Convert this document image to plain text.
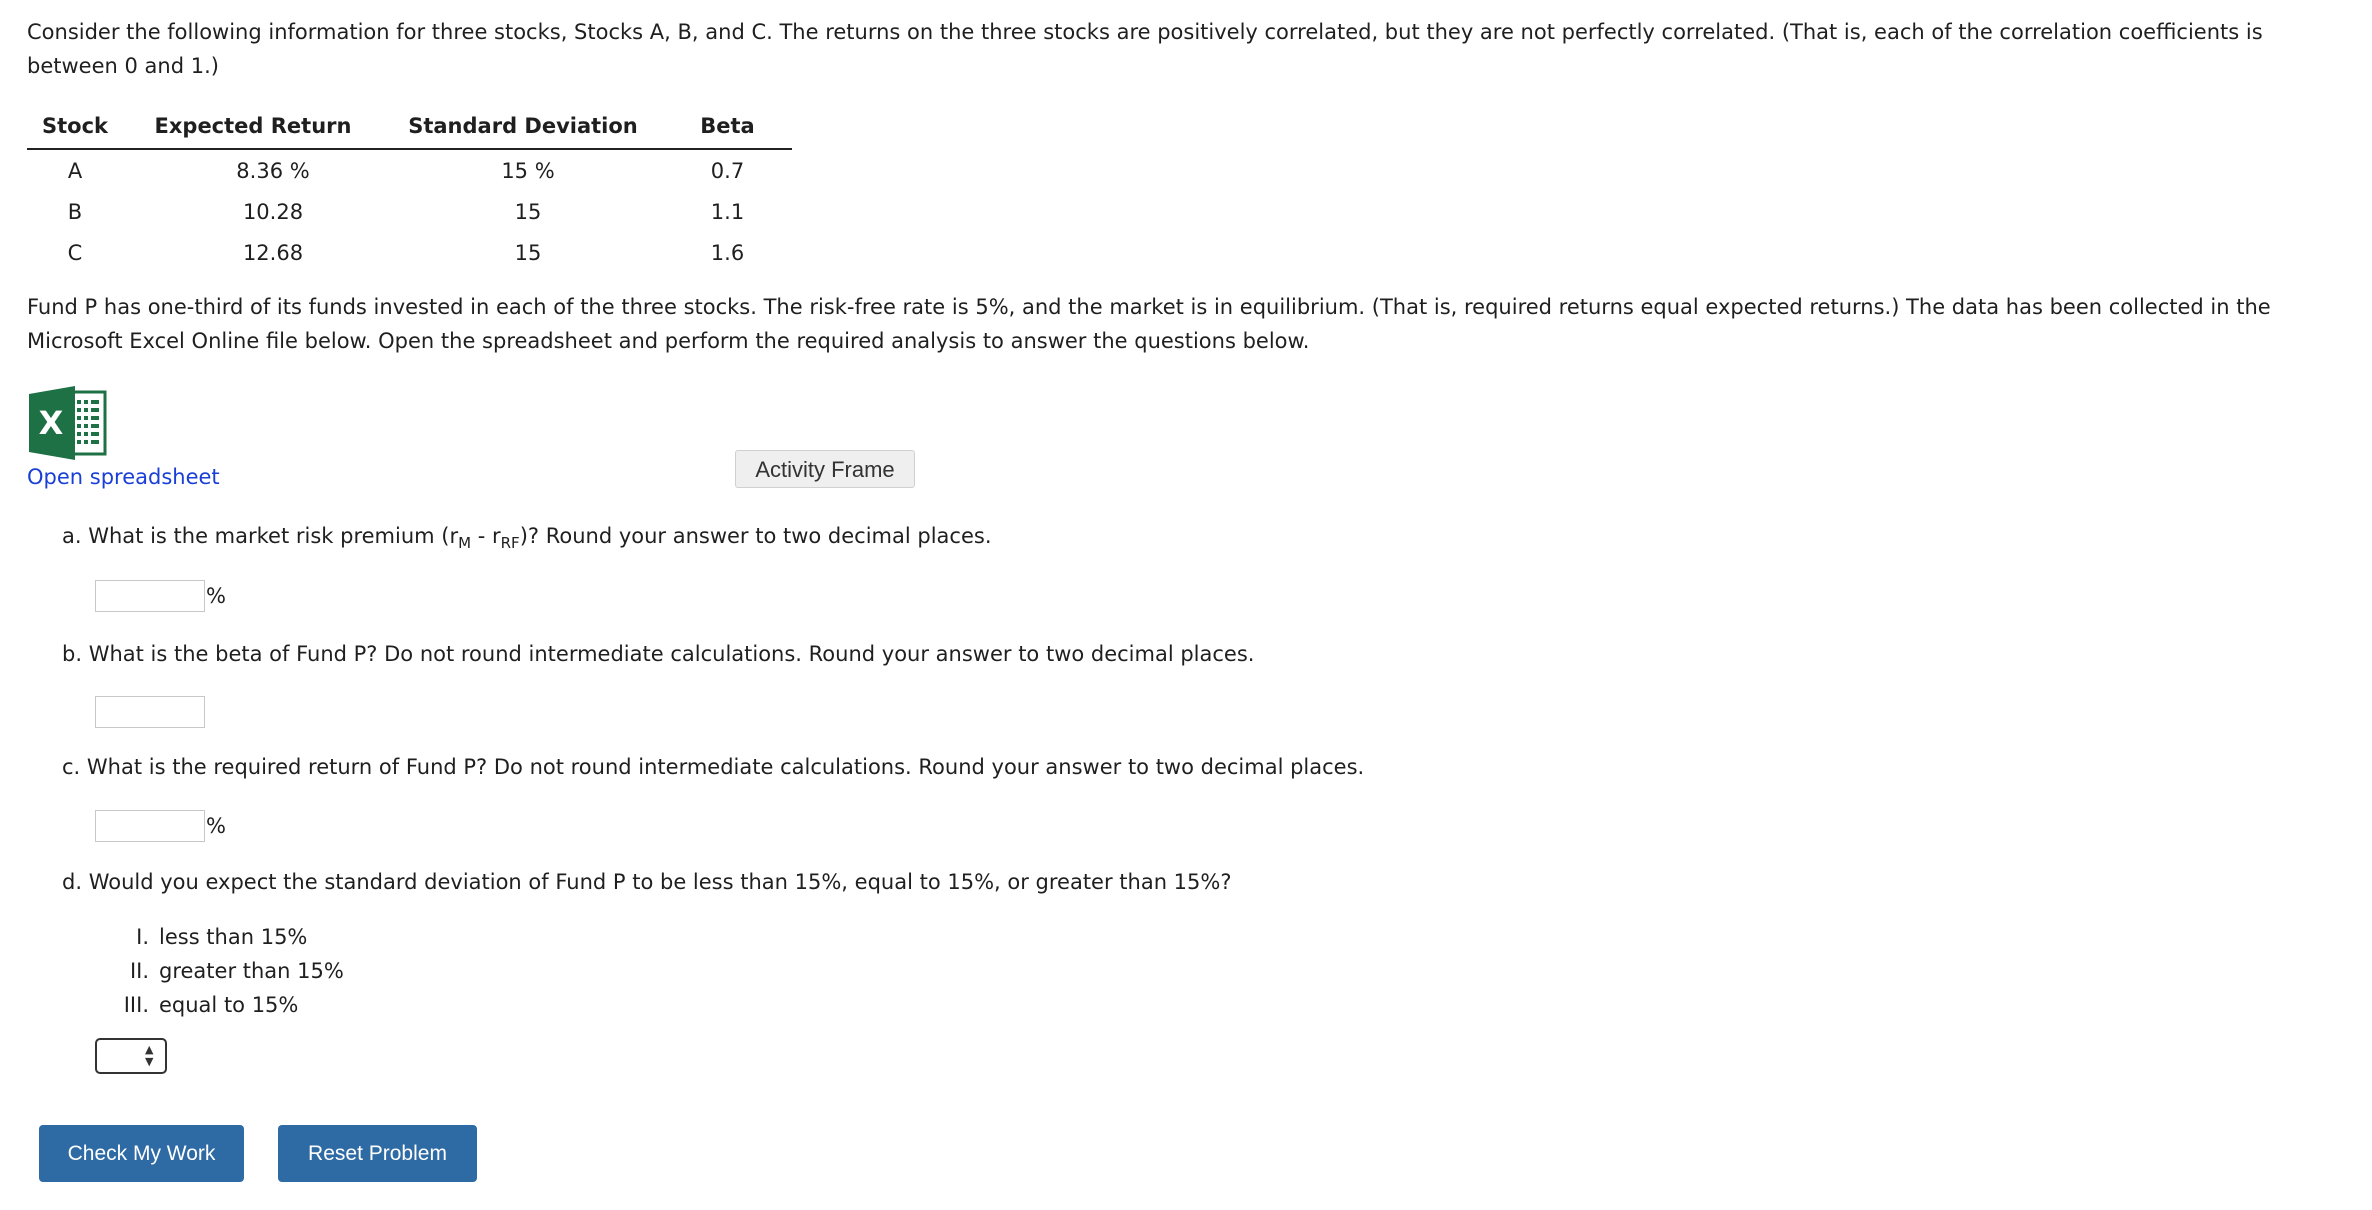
Consider the following information for three stocks, Stocks A, B, and C. The returns on the three stocks are positively correlated, but they are not perfectly correlated. (That is, each of the correlation coefficients is between 0 and 1.)

Stock	Expected Return	Standard Deviation	Beta
A	8.36 %	15 %	0.7
B	10.28	15	1.1
C	12.68	15	1.6

Fund P has one-third of its funds invested in each of the three stocks. The risk-free rate is 5%, and the market is in equilibrium. (That is, required returns equal expected returns.) The data has been collected in the Microsoft Excel Online file below. Open the spreadsheet and perform the required analysis to answer the questions below.

X
Open spreadsheet	Activity Frame
a. What is the market risk premium $(r_M - r_{RF})$? Round your answer to two decimal places.
%
b. What is the beta of Fund P? Do not round intermediate calculations. Round your answer to two decimal places.
c. What is the required return of Fund P? Do not round intermediate calculations. Round your answer to two decimal places.
%
d. Would you expect the standard deviation of Fund P to be less than 15%, equal to 15%, or greater than 15%?
I. less than 15%
II. greater than 15%
III. equal to 15%
▲
▼
Check My Work	Reset Problem
